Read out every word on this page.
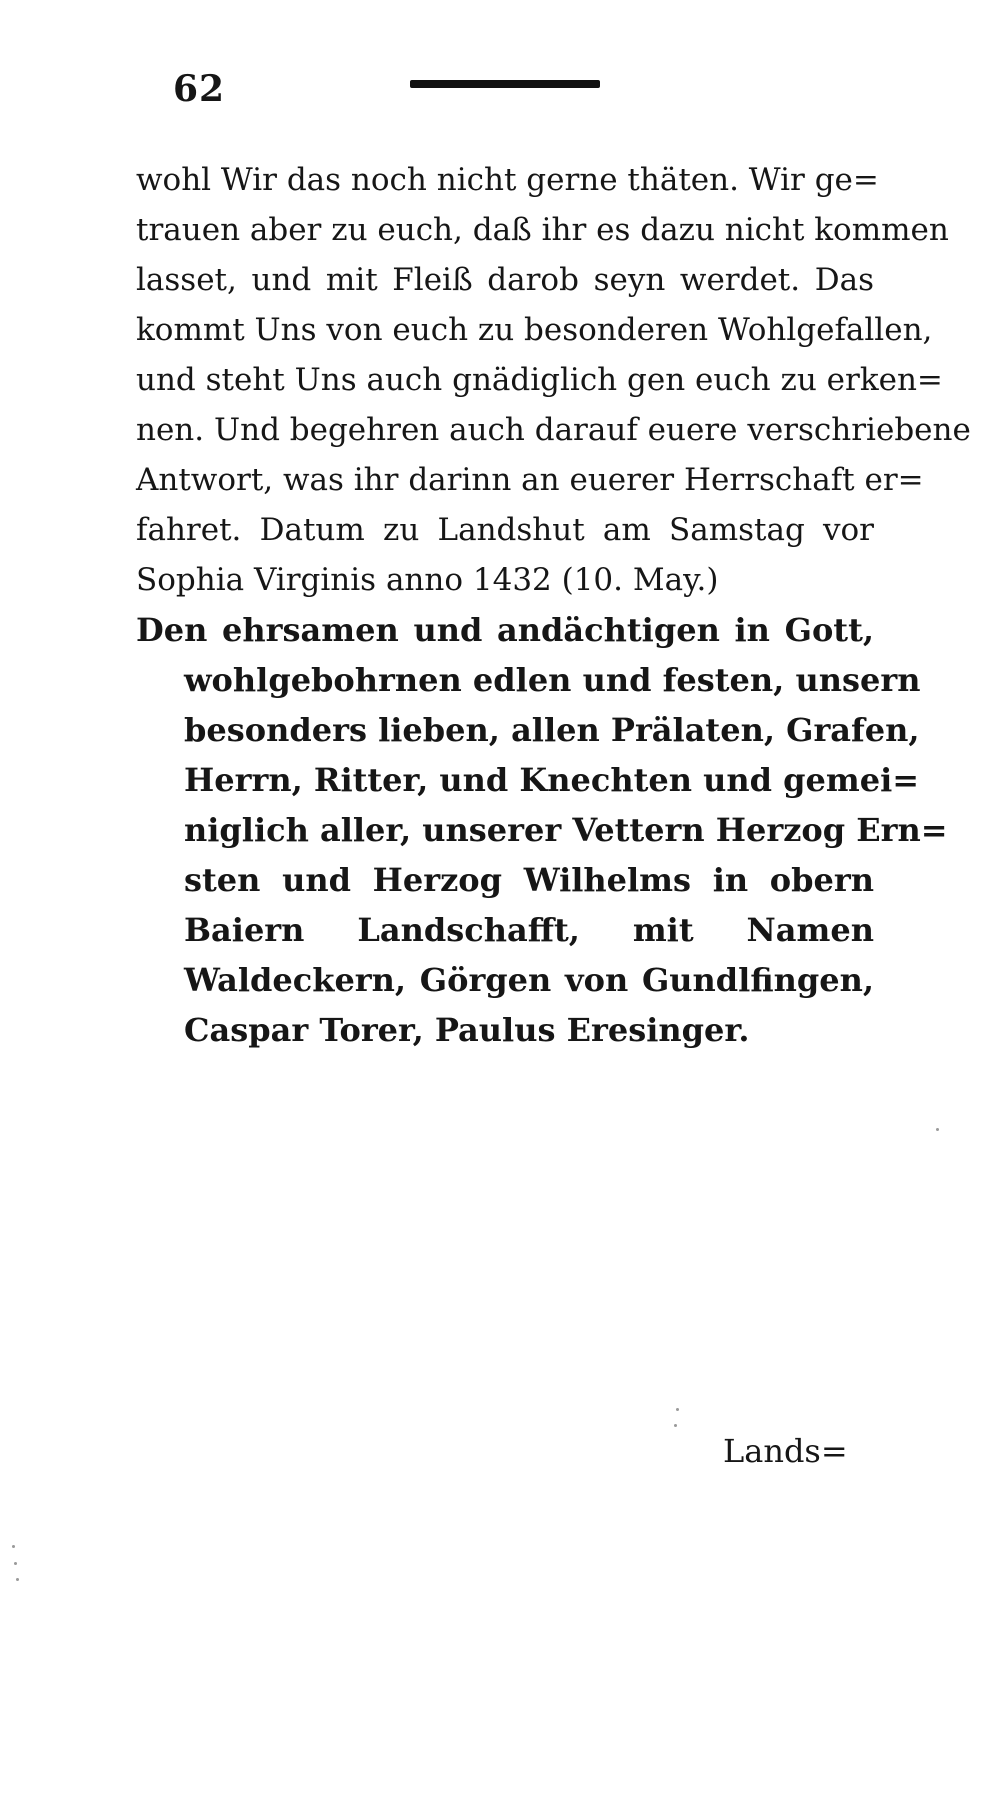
62
wohl Wir das noch nicht gerne thäten. Wir ge=
trauen aber zu euch, daß ihr es dazu nicht kommen
lasset, und mit Fleiß darob seyn werdet. Das
kommt Uns von euch zu besonderen Wohlgefallen,
und steht Uns auch gnädiglich gen euch zu erken=
nen. Und begehren auch darauf euere verschriebene
Antwort, was ihr darinn an euerer Herrschaft er=
fahret. Datum zu Landshut am Samstag vor
Sophia Virginis anno 1432 (10. May.)
Den ehrsamen und andächtigen in Gott,
wohlgebohrnen edlen und festen, unsern
besonders lieben, allen Prälaten, Grafen,
Herrn, Ritter, und Knechten und gemei=
niglich aller, unserer Vettern Herzog Ern=
sten und Herzog Wilhelms in obern
Baiern Landschafft, mit Namen
Waldeckern, Görgen von Gundlfingen,
Caspar Torer, Paulus Eresinger.
Lands=
